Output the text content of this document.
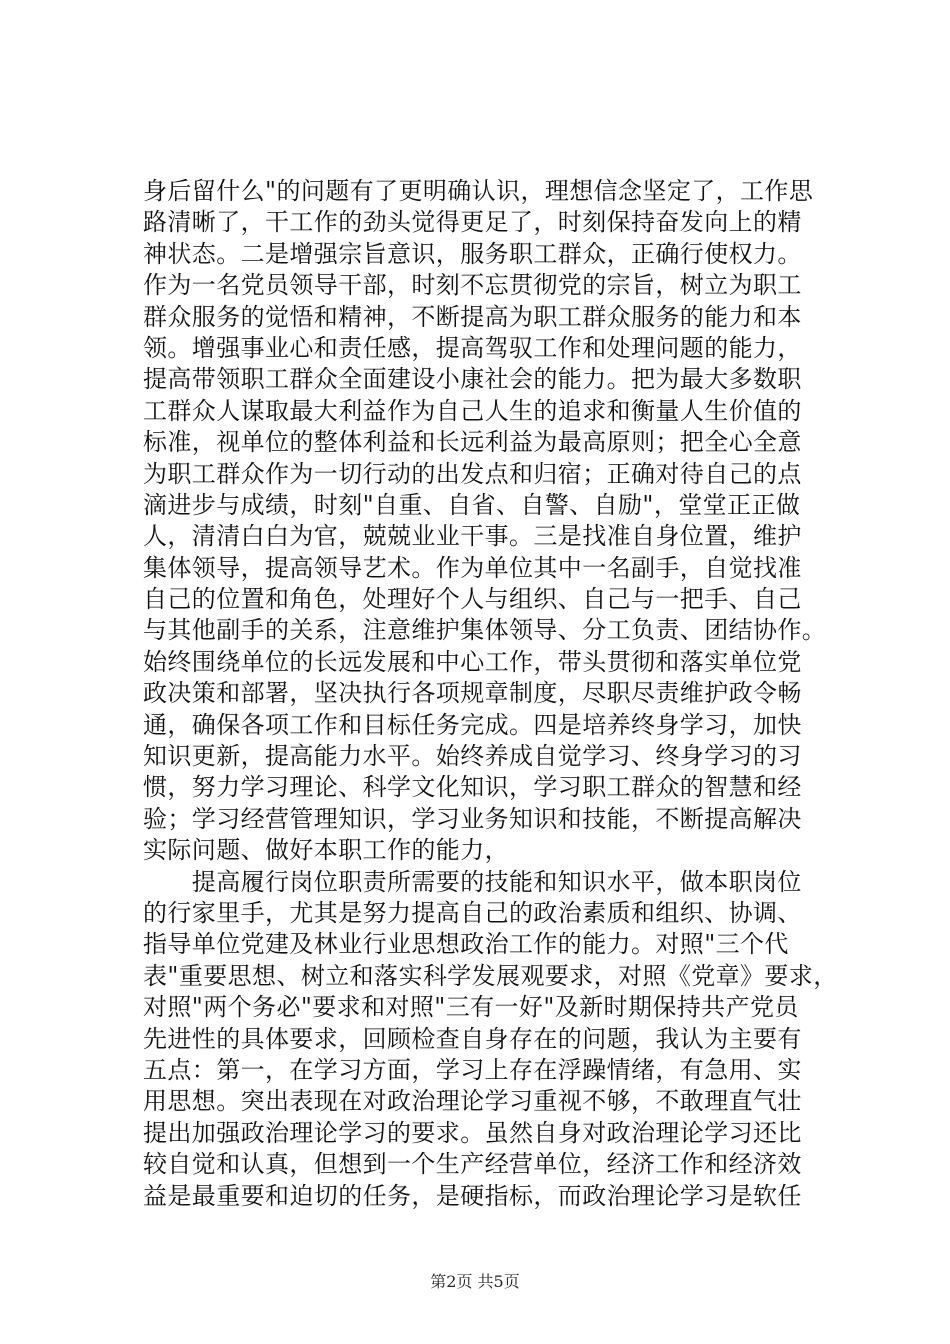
身后留什么"的问题有了更明确认识，理想信念坚定了，工作思
路清晰了，干工作的劲头觉得更足了，时刻保持奋发向上的精
神状态。二是增强宗旨意识，服务职工群众，正确行使权力。
作为一名党员领导干部，时刻不忘贯彻党的宗旨，树立为职工
群众服务的觉悟和精神，不断提高为职工群众服务的能力和本
领。增强事业心和责任感，提高驾驭工作和处理问题的能力，
提高带领职工群众全面建设小康社会的能力。把为最大多数职
工群众人谋取最大利益作为自己人生的追求和衡量人生价值的
标准，视单位的整体利益和长远利益为最高原则；把全心全意
为职工群众作为一切行动的出发点和归宿；正确对待自己的点
滴进步与成绩，时刻"自重、自省、自警、自励"，堂堂正正做
人，清清白白为官，兢兢业业干事。三是找准自身位置，维护
集体领导，提高领导艺术。作为单位其中一名副手，自觉找准
自己的位置和角色，处理好个人与组织、自己与一把手、自己
与其他副手的关系，注意维护集体领导、分工负责、团结协作。
始终围绕单位的长远发展和中心工作，带头贯彻和落实单位党
政决策和部署，坚决执行各项规章制度，尽职尽责维护政令畅
通，确保各项工作和目标任务完成。四是培养终身学习，加快
知识更新，提高能力水平。始终养成自觉学习、终身学习的习
惯，努力学习理论、科学文化知识，学习职工群众的智慧和经
验；学习经营管理知识，学习业务知识和技能，不断提高解决
实际问题、做好本职工作的能力，
　　提高履行岗位职责所需要的技能和知识水平，做本职岗位
的行家里手，尤其是努力提高自己的政治素质和组织、协调、
指导单位党建及林业行业思想政治工作的能力。对照"三个代
表"重要思想、树立和落实科学发展观要求，对照《党章》要求，
对照"两个务必"要求和对照"三有一好"及新时期保持共产党员
先进性的具体要求，回顾检查自身存在的问题，我认为主要有
五点：第一，在学习方面，学习上存在浮躁情绪，有急用、实
用思想。突出表现在对政治理论学习重视不够，不敢理直气壮
提出加强政治理论学习的要求。虽然自身对政治理论学习还比
较自觉和认真，但想到一个生产经营单位，经济工作和经济效
益是最重要和迫切的任务，是硬指标，而政治理论学习是软任
第2页 共5页
